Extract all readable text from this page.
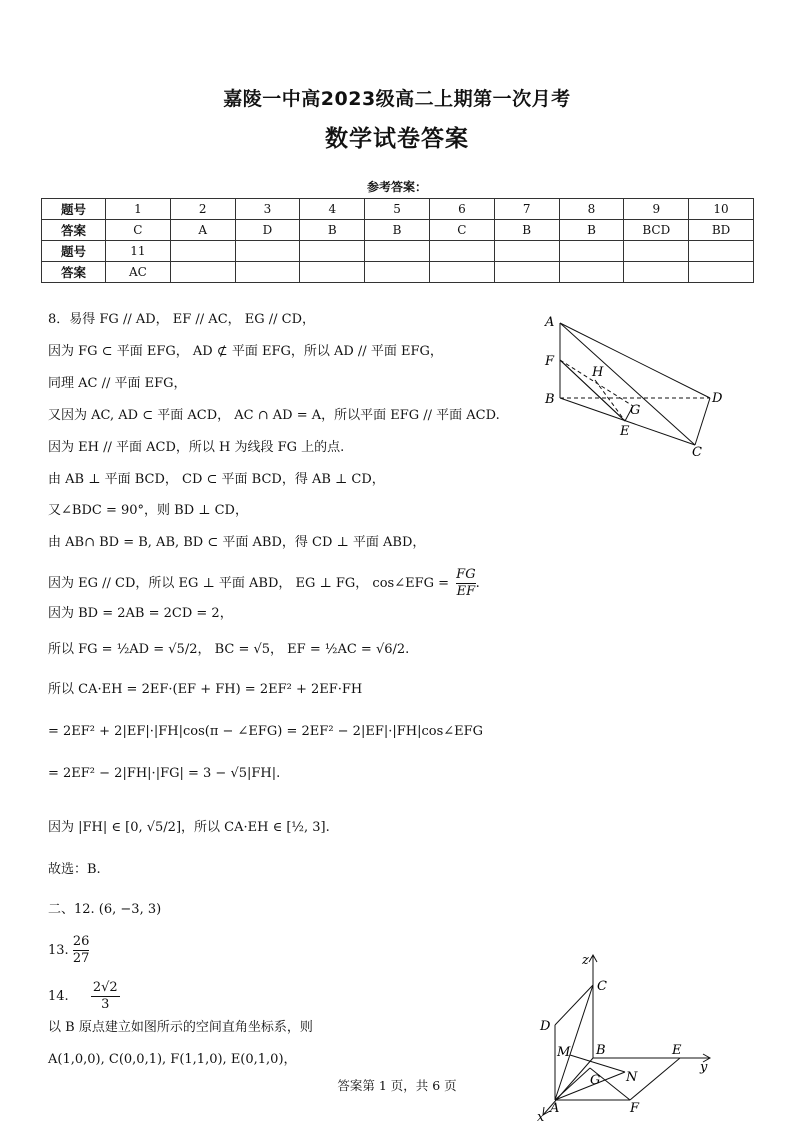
嘉陵一中高2023级高二上期第一次月考
数学试卷答案
参考答案：
题号	1	2	3	4	5	6	7	8	9	10
答案	C	A	D	B	B	C	B	B	BCD	BD
题号	11									
答案	AC									
8．易得 FG // AD， EF // AC， EG // CD，
因为 FG ⊂ 平面 EFG， AD ⊄ 平面 EFG，所以 AD // 平面 EFG，
同理 AC // 平面 EFG，
又因为 AC, AD ⊂ 平面 ACD， AC ∩ AD = A，所以平面 EFG // 平面 ACD.
因为 EH // 平面 ACD，所以 H 为线段 FG 上的点.
由 AB ⊥ 平面 BCD， CD ⊂ 平面 BCD，得 AB ⊥ CD，
又∠BDC = 90°，则 BD ⊥ CD，
由 AB∩ BD = B, AB, BD ⊂ 平面 ABD，得 CD ⊥ 平面 ABD，
因为 EG // CD，所以 EG ⊥ 平面 ABD， EG ⊥ FG， cos∠EFG = $\frac{FG}{EF}$ .
因为 BD = 2AB = 2CD = 2，
所以 FG = ½AD = √5/2， BC = √5， EF = ½AC = √6/2.
所以 CA·EH = 2EF·(EF + FH) = 2EF² + 2EF·FH
= 2EF² + 2|EF|·|FH|cos(π − ∠EFG) = 2EF² − 2|EF|·|FH|cos∠EFG
= 2EF² − 2|FH|·|FG| = 3 − √5|FH|.
因为 |FH| ∈ [0, √5/2]，所以 CA·EH ∈ [½, 3].
故选：B.
二、12. (6, −3, 3)
13. $\frac{26}{27}$
14. $\frac{2√2}{3}$
以 B 原点建立如图所示的空间直角坐标系，则
A(1,0,0), C(0,0,1), F(1,1,0), E(0,1,0)，
A
F
H
B
G
D
E
C
z
C
D
M B	E
y
G N
A	F
x
答案第 1 页，共 6 页
